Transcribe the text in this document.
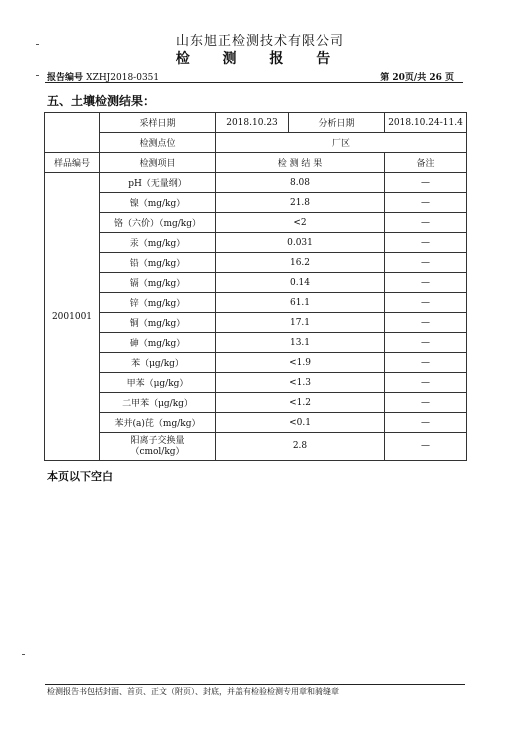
山东旭正检测技术有限公司
检 测 报 告
报告编号 XZHJ2018-0351	第 20页/共 26 页
五、土壤检测结果：
	采样日期	2018.10.23	分析日期	2018.10.24-11.4
	检测点位	厂区		
样品编号	检测项目	检 测 结 果		备注
2001001	pH（无量纲）	8.08		—
	镍（mg/kg）	21.8		—
	铬（六价）（mg/kg）	<2		—
	汞（mg/kg）	0.031		—
	铅（mg/kg）	16.2		—
	镉（mg/kg）	0.14		—
	锌（mg/kg）	61.1		—
	铜（mg/kg）	17.1		—
	砷（mg/kg）	13.1		—
	苯（μg/kg）	<1.9		—
	甲苯（μg/kg）	<1.3		—
	二甲苯（μg/kg）	<1.2		—
	苯并(a)芘（mg/kg）	<0.1		—
	阳离子交换量
（cmol/kg）	2.8		—
本页以下空白
检测报告书包括封面、首页、正文（附页）、封底，并盖有检验检测专用章和骑缝章
